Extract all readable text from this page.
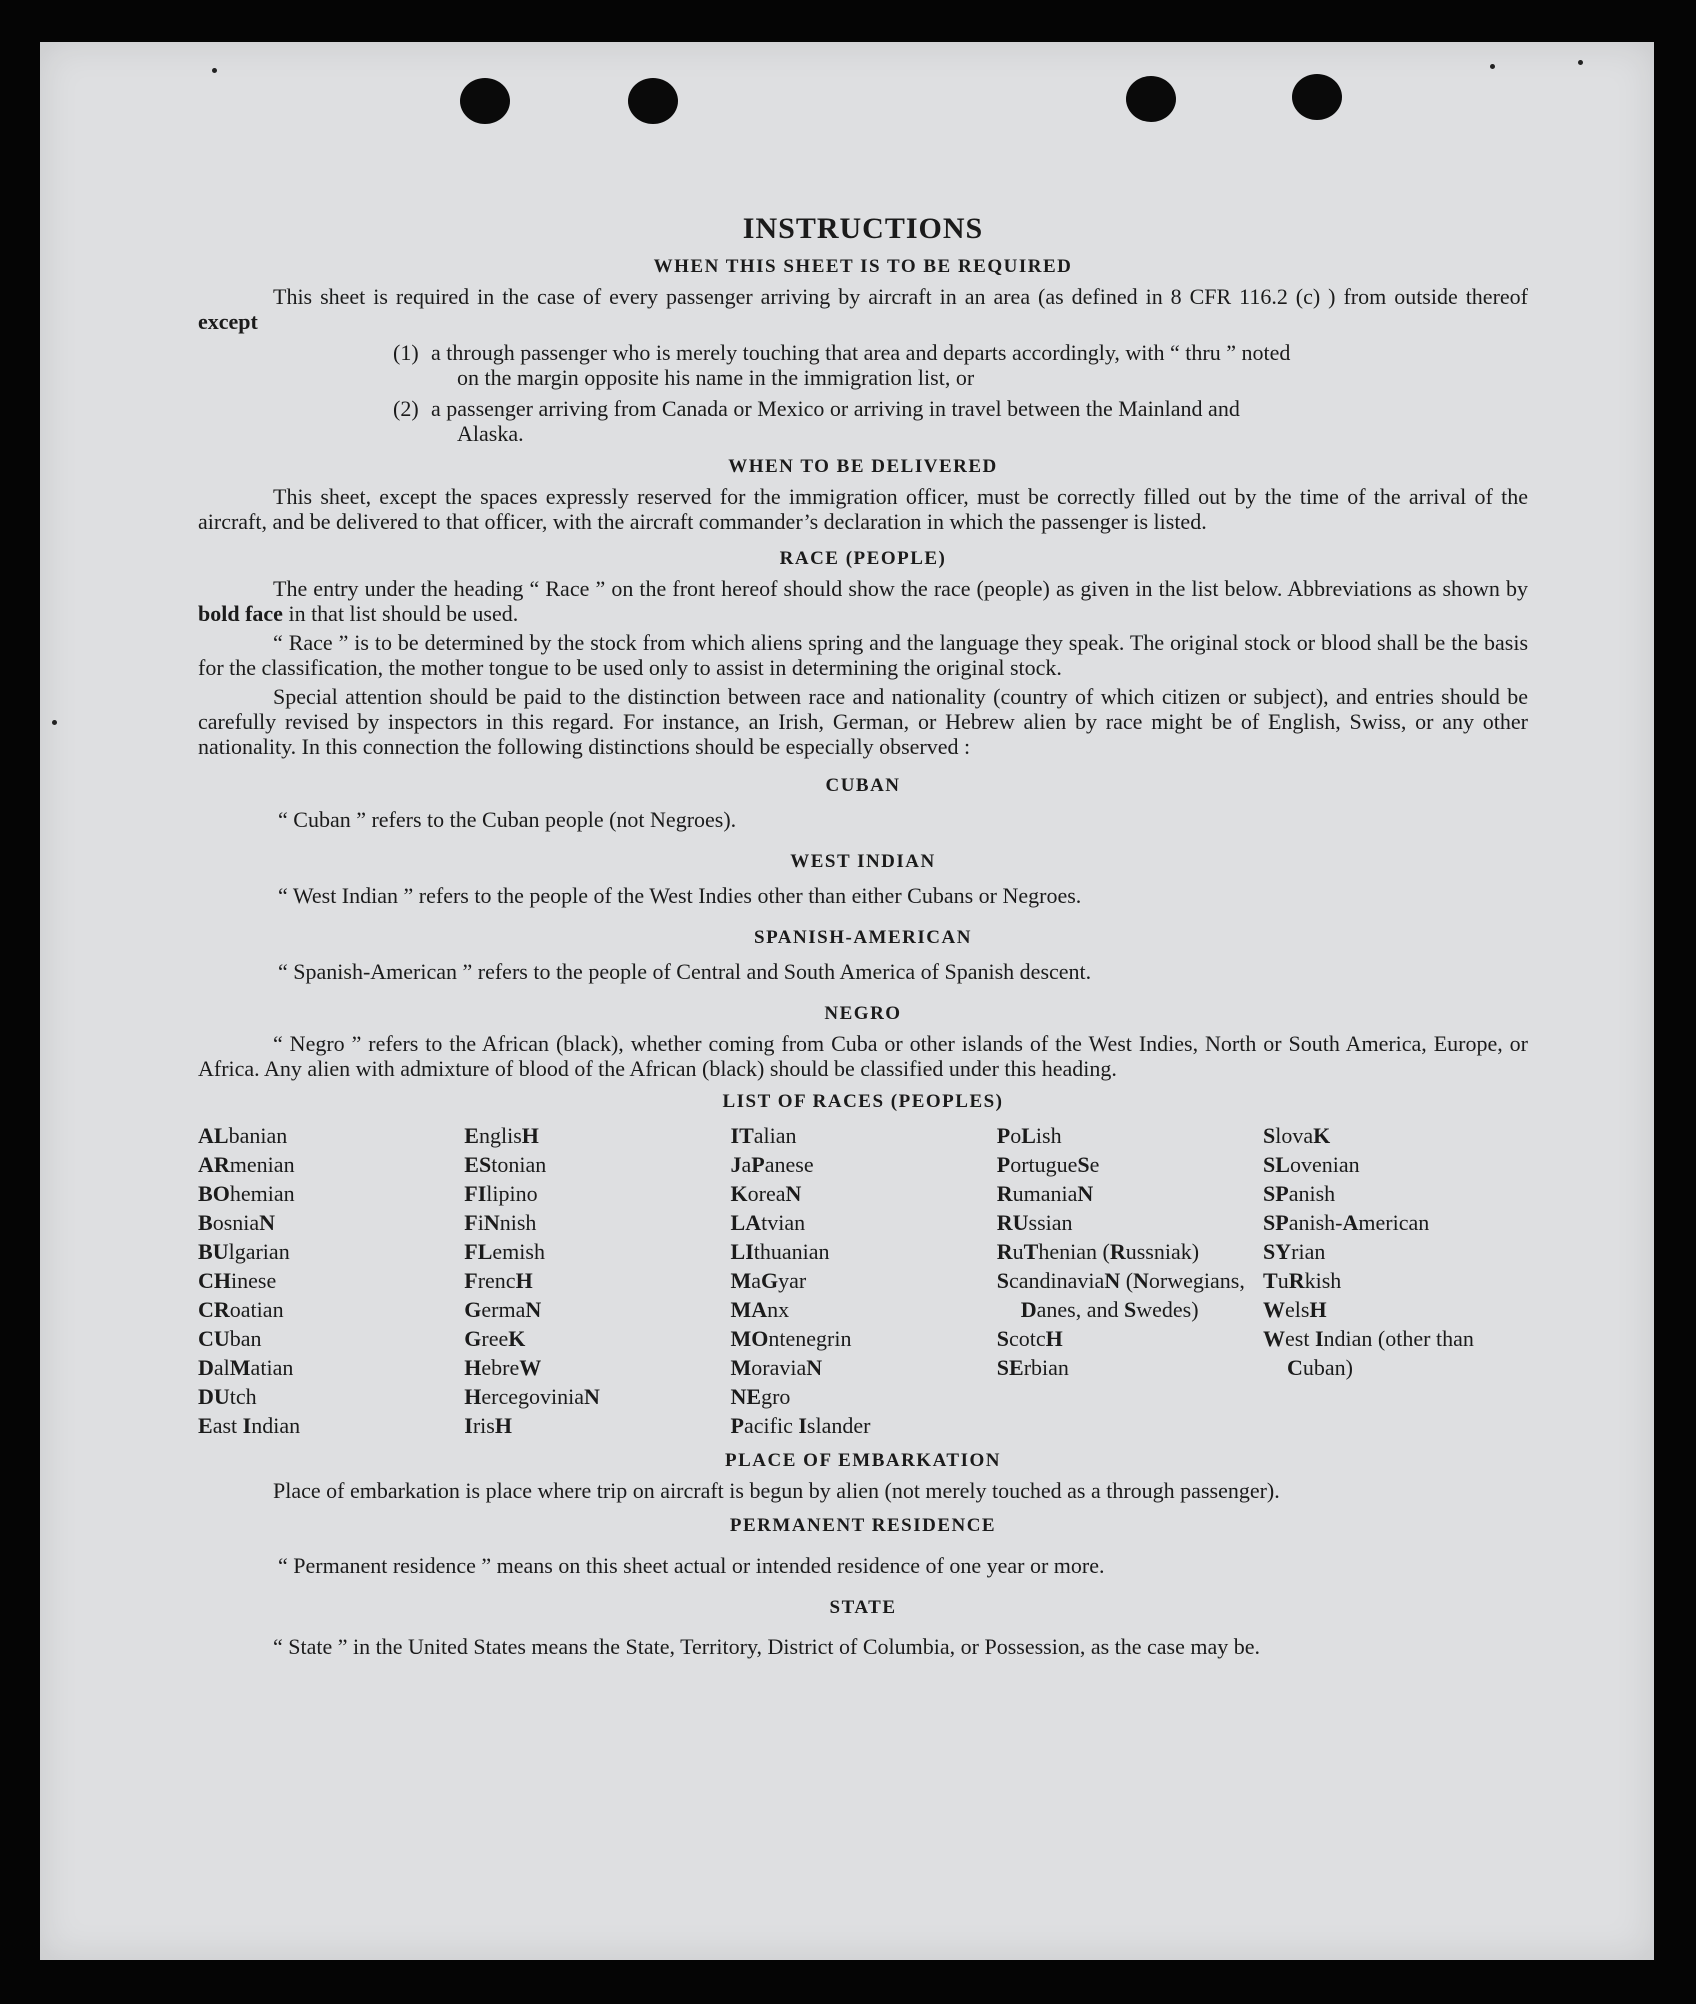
INSTRUCTIONS
WHEN THIS SHEET IS TO BE REQUIRED

This sheet is required in the case of every passenger arriving by aircraft in an area (as defined in 8 CFR 116.2 (c) ) from outside thereof except

(1) a through passenger who is merely touching that area and departs accordingly, with “ thru ” noted
on the margin opposite his name in the immigration list, or
(2) a passenger arriving from Canada or Mexico or arriving in travel between the Mainland and
Alaska.
WHEN TO BE DELIVERED

This sheet, except the spaces expressly reserved for the immigration officer, must be correctly filled out by the time of the arrival of the aircraft, and be delivered to that officer, with the aircraft commander’s declaration in which the passenger is listed.

RACE (PEOPLE)

The entry under the heading “ Race ” on the front hereof should show the race (people) as given in the list below. Abbreviations as shown by bold face in that list should be used.

“ Race ” is to be determined by the stock from which aliens spring and the language they speak. The original stock or blood shall be the basis for the classification, the mother tongue to be used only to assist in determining the original stock.

Special attention should be paid to the distinction between race and nationality (country of which citizen or subject), and entries should be carefully revised by inspectors in this regard. For instance, an Irish, German, or Hebrew alien by race might be of English, Swiss, or any other nationality. In this connection the following distinctions should be especially observed :

CUBAN
“ Cuban ” refers to the Cuban people (not Negroes).
WEST INDIAN
“ West Indian ” refers to the people of the West Indies other than either Cubans or Negroes.
SPANISH-AMERICAN
“ Spanish-American ” refers to the people of Central and South America of Spanish descent.
NEGRO

“ Negro ” refers to the African (black), whether coming from Cuba or other islands of the West Indies, North or South America, Europe, or Africa. Any alien with admixture of blood of the African (black) should be classified under this heading.

LIST OF RACES (PEOPLES)
ALbanian
ARmenian
BOhemian
BosniaN
BUlgarian
CHinese
CRoatian
CUban
DalMatian
DUtch
East Indian
EnglisH
EStonian
FIlipino
FiNnish
FLemish
FrencH
GermaN
GreeK
HebreW
HercegoviniaN
IrisH
ITalian
JaPanese
KoreaN
LAtvian
LIthuanian
MaGyar
MAnx
MOntenegrin
MoraviaN
NEgro
Pacific Islander
PoLish
PortugueSe
RumaniaN
RUssian
RuThenian (Russniak)
ScandinaviaN (Norwegians, Danes, and Swedes)
ScotcH
SErbian
SlovaK
SLovenian
SPanish
SPanish-American
SYrian
TuRkish
WelsH
West Indian (other than Cuban)
PLACE OF EMBARKATION

Place of embarkation is place where trip on aircraft is begun by alien (not merely touched as a through passenger).

PERMANENT RESIDENCE
“ Permanent residence ” means on this sheet actual or intended residence of one year or more.
STATE

“ State ” in the United States means the State, Territory, District of Columbia, or Possession, as the case may be.
